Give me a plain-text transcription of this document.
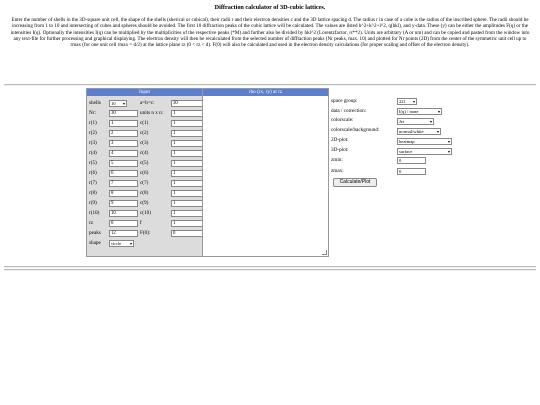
Diffraction calculator of 3D-cubic lattices.
Enter the number of shells in the 3D-square unit cell, the shape of the shells (sherical or cubical), their radii r and their electron densities c and the 3D lattice spacing d. The radius r in case of a cube is the radius of the inscribed sphere. The radii should be increasing from 1 to 10 and intersecting of cubes and spheres should be avoided. The first 10 diffraction peaks of the cubic lattice will be calculated. The values are listed h^2+k^2+l^2, q(hkl), and y-data. These (y) can be either the amplitudes F(q) or the intensities I(q). Optionally the intensities I(q) can be multiplied by the multiplicities of the respective peaks (*M) and further also be divided by hkl^2 (Lorentzfactor, /s**2). Units are arbitrary (A or nm) and can be copied and pasted from the window into any text-file for further processing and graphical displaying. The electron density will then be recalculated from the selected number of diffraction peaks (Nr peaks, max. 10) and plotted for Nr points (2D) from the center of the symmetric unit cell up to rmax (for one unit cell rmax = d/2) at the lattice plane rz (0 < rz < d). F(0) will also be calculated and used in the electron density calculations (for proper scaling and offset of the electron density).
Input
shells	10 ▾	a=b=c:	30
Nr:	30	units n x n:	1
r(1)	1	c(1)	1
r(2)	2	c(2)	1
r(3)	3	c(3)	1
r(4)	4	c(4)	1
r(5)	5	c(5)	1
r(6)	6	c(6)	1
r(7)	7	c(7)	1
r(8)	8	c(8)	1
r(9)	9	c(9)	1
r(10)	10	c(10)	1
rz	0	f	1
peaks	12	F(0):	0
shape	circle ▾
rho (rx, ry) at rz
space group:	221 ▾
data / correction:	I(q) / none	▾
colorscale:	Jet	▾
colorscale/background:	normal/white	▾
2D-plot:	heatmap	▾
3D-plot:	surface	▾
zmin:	0
zmax:	0
Calculate/Plot
